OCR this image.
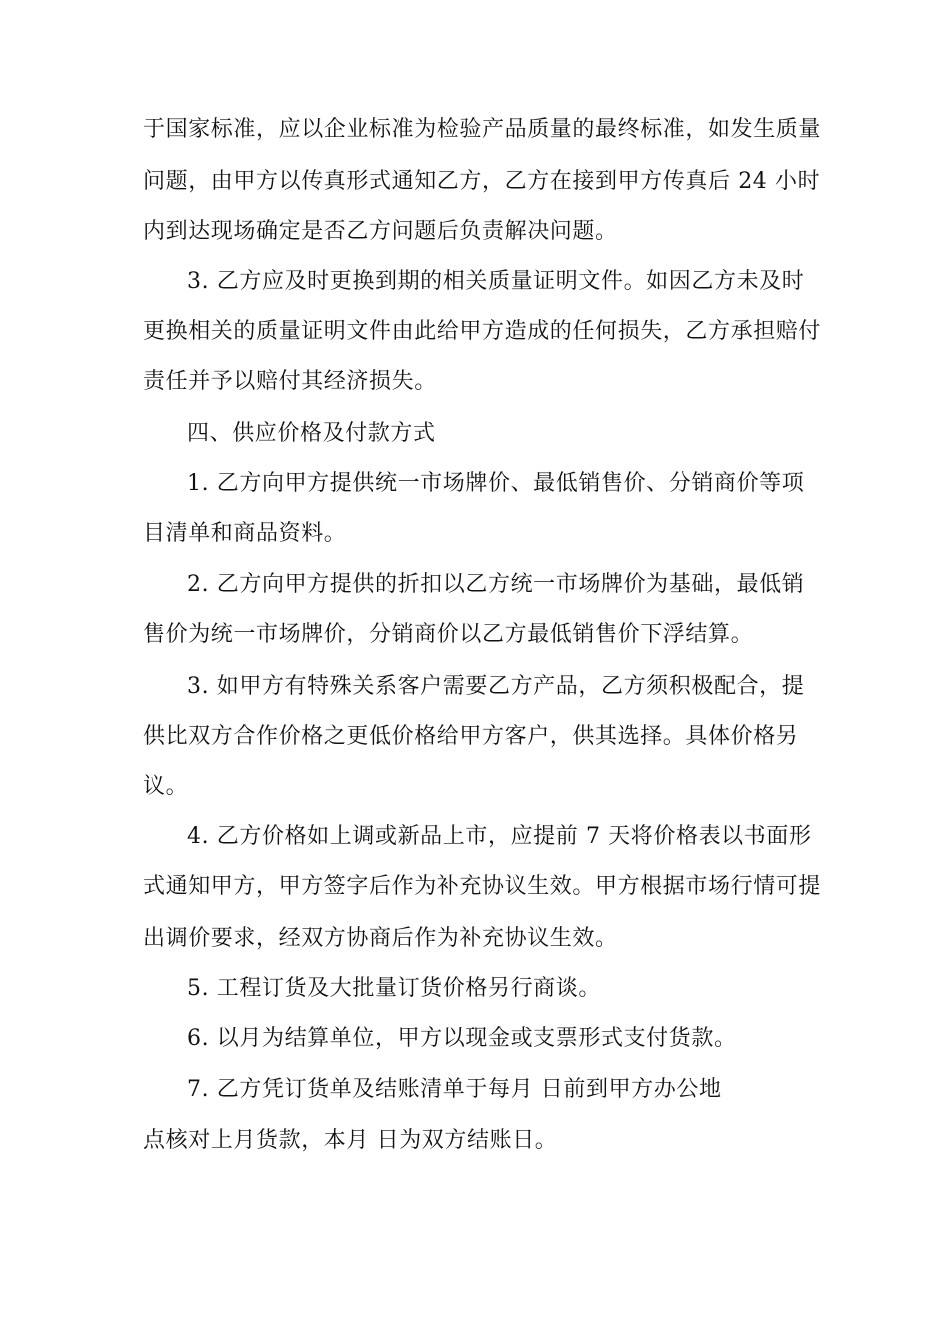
于国家标准，应以企业标准为检验产品质量的最终标准，如发生质量
问题，由甲方以传真形式通知乙方，乙方在接到甲方传真后 24 小时
内到达现场确定是否乙方问题后负责解决问题。
3. 乙方应及时更换到期的相关质量证明文件。如因乙方未及时
更换相关的质量证明文件由此给甲方造成的任何损失，乙方承担赔付
责任并予以赔付其经济损失。
四、供应价格及付款方式
1. 乙方向甲方提供统一市场牌价、最低销售价、分销商价等项
目清单和商品资料。
2. 乙方向甲方提供的折扣以乙方统一市场牌价为基础，最低销
售价为统一市场牌价，分销商价以乙方最低销售价下浮结算。
3. 如甲方有特殊关系客户需要乙方产品，乙方须积极配合，提
供比双方合作价格之更低价格给甲方客户，供其选择。具体价格另
议。
4. 乙方价格如上调或新品上市，应提前 7 天将价格表以书面形
式通知甲方，甲方签字后作为补充协议生效。甲方根据市场行情可提
出调价要求，经双方协商后作为补充协议生效。
5. 工程订货及大批量订货价格另行商谈。
6. 以月为结算单位，甲方以现金或支票形式支付货款。
7. 乙方凭订货单及结账清单于每月 日前到甲方办公地
点核对上月货款，本月 日为双方结账日。
